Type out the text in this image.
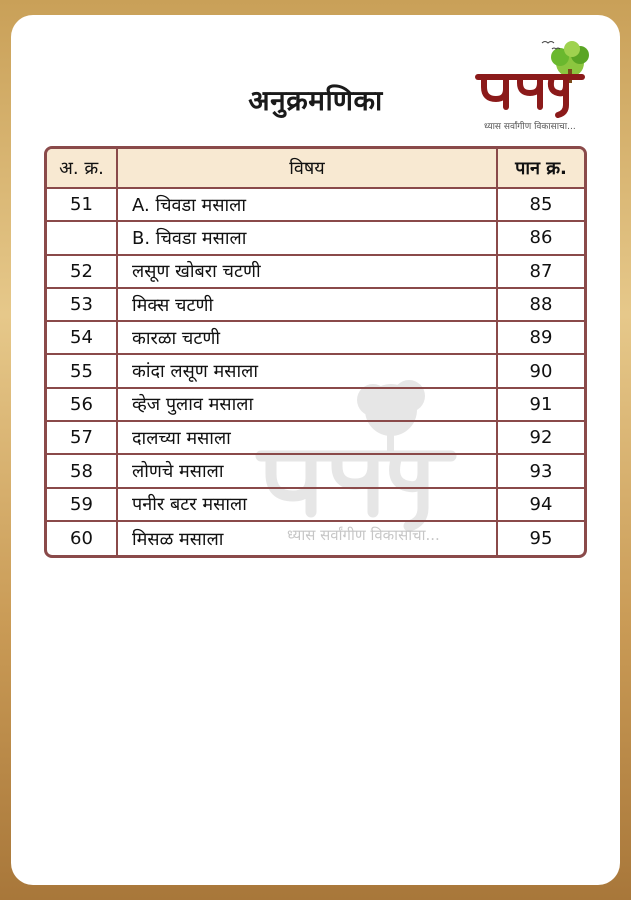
ध्यास सर्वांगीण विकासाचा...
अनुक्रमणिका
ध्यास सर्वांगीण विकासाचा...
अ. क्र.	विषय	पान क्र.
51	A. चिवडा मसाला	85
	B. चिवडा मसाला	86
52	लसूण खोबरा चटणी	87
53	मिक्स चटणी	88
54	कारळा चटणी	89
55	कांदा लसूण मसाला	90
56	व्हेज पुलाव मसाला	91
57	दालच्या मसाला	92
58	लोणचे मसाला	93
59	पनीर बटर मसाला	94
60	मिसळ मसाला	95
